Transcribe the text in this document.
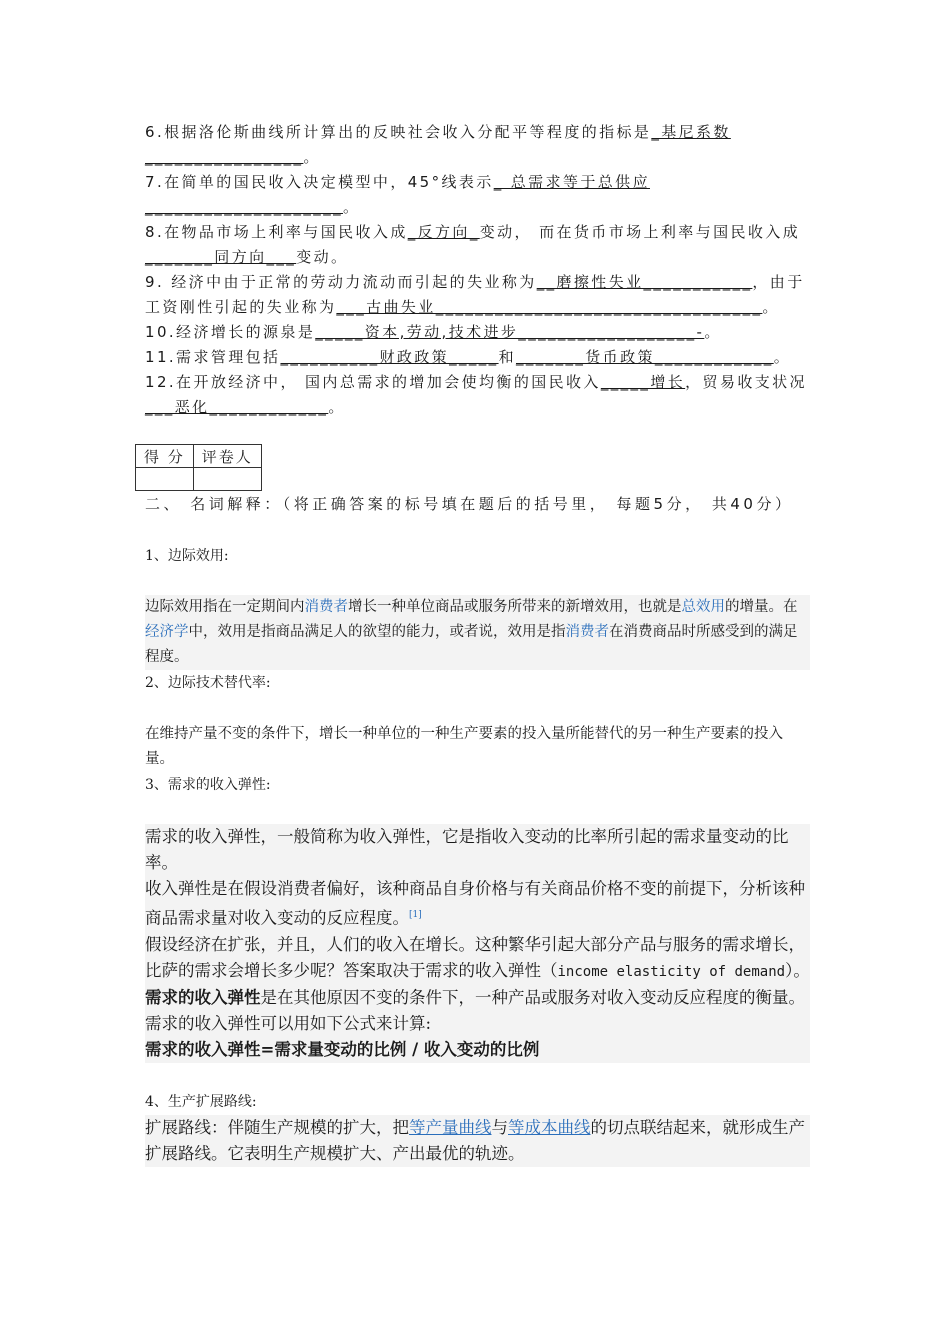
6.根据洛伦斯曲线所计算出的反映社会收入分配平等程度的指标是_基尼系数________________。
7.在简单的国民收入决定模型中，45°线表示_ 总需求等于总供应____________________。
8.在物品市场上利率与国民收入成_反方向_变动， 而在货币市场上利率与国民收入成_______同方向___变动。
9. 经济中由于正常的劳动力流动而引起的失业称为__磨擦性失业___________，由于工资刚性引起的失业称为___古曲失业_________________________________。
10.经济增长的源泉是_____资本,劳动,技术进步__________________-。
11.需求管理包括__________财政政策_____和_______货币政策____________。
12.在开放经济中， 国内总需求的增加会使均衡的国民收入_____增长，贸易收支状况___恶化____________。
得 分	评卷人

二、 名词解释：（将正确答案的标号填在题后的括号里， 每题5分， 共40分）
1、边际效用:
边际效用指在一定期间内消费者增长一种单位商品或服务所带来的新增效用，也就是总效用的增量。在经济学中，效用是指商品满足人的欲望的能力，或者说，效用是指消费者在消费商品时所感受到的满足程度。
2、边际技术替代率:
在维持产量不变的条件下，增长一种单位的一种生产要素的投入量所能替代的另一种生产要素的投入量。
3、需求的收入弹性:
需求的收入弹性，一般简称为收入弹性，它是指收入变动的比率所引起的需求量变动的比率。
收入弹性是在假设消费者偏好，该种商品自身价格与有关商品价格不变的前提下，分析该种商品需求量对收入变动的反应程度。[1]
假设经济在扩张，并且，人们的收入在增长。这种繁华引起大部分产品与服务的需求增长，比萨的需求会增长多少呢？答案取决于需求的收入弹性（income elasticity of demand）。需求的收入弹性是在其他原因不变的条件下，一种产品或服务对收入变动反应程度的衡量。
需求的收入弹性可以用如下公式来计算:
需求的收入弹性=需求量变动的比例 / 收入变动的比例
4、生产扩展路线:
扩展路线：伴随生产规模的扩大，把等产量曲线与等成本曲线的切点联结起来，就形成生产扩展路线。它表明生产规模扩大、产出最优的轨迹。
